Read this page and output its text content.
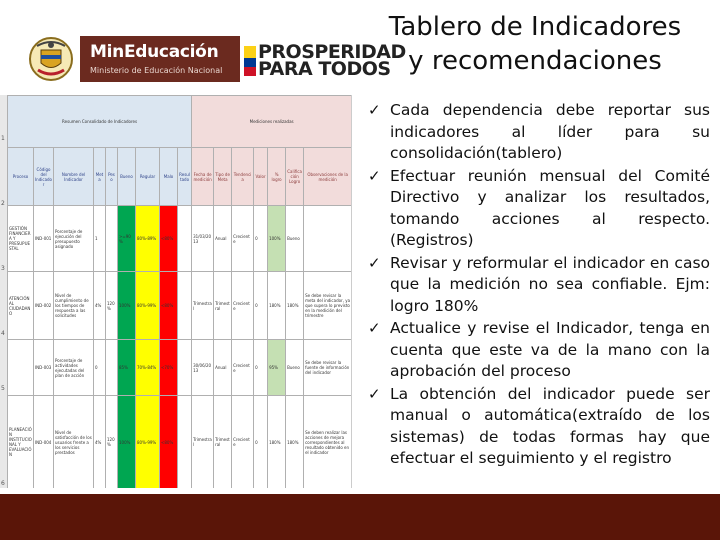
MinEducación
Ministerio de Educación Nacional
PROSPERIDAD
PARA TODOS
Tablero de Indicadores
y recomendaciones
1
2
3
4
5
6
Resumen Consolidado de Indicadores									Mediciones realizadas						
Proceso	Código del Indicador	Nombre del Indicador	Meta	Peso	Bueno	Regular	Malo	Resultado	Fecha de medición	Tipo de Meta	Tendencia	Valor	% logro	Calificación Logro	Observaciones de la medición
GESTIÓN FINANCIERA Y PRESUPUESTAL	IND-001	Porcentaje de ejecución del presupuesto asignado	1		>=90%	80%-89%	<80%		31/03/2013	Anual	Creciente	0	100%	Bueno	
ATENCIÓN AL CIUDADANO	IND-002	Nivel de cumplimiento de los tiempos de respuesta a las solicitudes	4%	120%	100%	80%-99%	<80%		Trimestral	Trimestral	Creciente	0	180%	180%	Se debe revisar la meta del indicador, ya que supera lo previsto en la medición del trimestre
	IND-003	Porcentaje de actividades ejecutadas del plan de acción	0		85%	70%-84%	<70%		30/06/2013	Anual	Creciente	0	95%	Bueno	Se debe revisar la fuente de información del indicador
PLANEACIÓN INSTITUCIONAL Y EVALUACIÓN	IND-004	Nivel de satisfacción de los usuarios frente a los servicios prestados	4%	120%	100%	80%-99%	<80%		Trimestral	Trimestral	Creciente	0	180%	180%	Se deben realizar las acciones de mejora correspondientes al resultado obtenido en el indicador
✓ Cada dependencia debe reportar sus indicadores al líder para su consolidación(tablero)
✓ Efectuar reunión mensual del Comité Directivo y analizar los resultados, tomando acciones al respecto. (Registros)
✓ Revisar y reformular el indicador en caso que la medición no sea confiable. Ejm: logro 180%
✓ Actualice y revise el Indicador, tenga en cuenta que este va de la mano con la aprobación del proceso
✓ La obtención del indicador puede ser manual o automática(extraído de los sistemas) de todas formas hay que efectuar el seguimiento y el registro
